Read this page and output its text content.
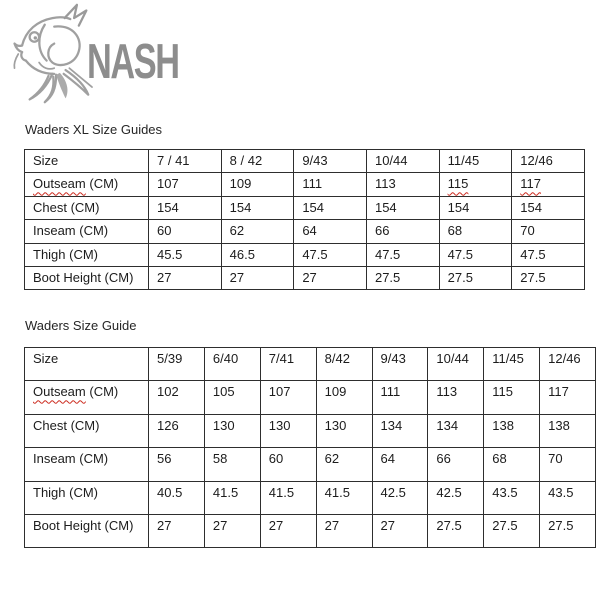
NASH
Waders XL Size Guides
Size	7 / 41	8 / 42	9/43	10/44	11/45	12/46
Outseam (CM)	107	109	111	113	115	117
Chest (CM)	154	154	154	154	154	154
Inseam (CM)	60	62	64	66	68	70
Thigh (CM)	45.5	46.5	47.5	47.5	47.5	47.5
Boot Height (CM)	27	27	27	27.5	27.5	27.5
Waders Size Guide
Size	5/39	6/40	7/41	8/42	9/43	10/44	11/45	12/46
Outseam (CM)	102	105	107	109	111	113	115	117
Chest (CM)	126	130	130	130	134	134	138	138
Inseam (CM)	56	58	60	62	64	66	68	70
Thigh (CM)	40.5	41.5	41.5	41.5	42.5	42.5	43.5	43.5
Boot Height (CM)	27	27	27	27	27	27.5	27.5	27.5
